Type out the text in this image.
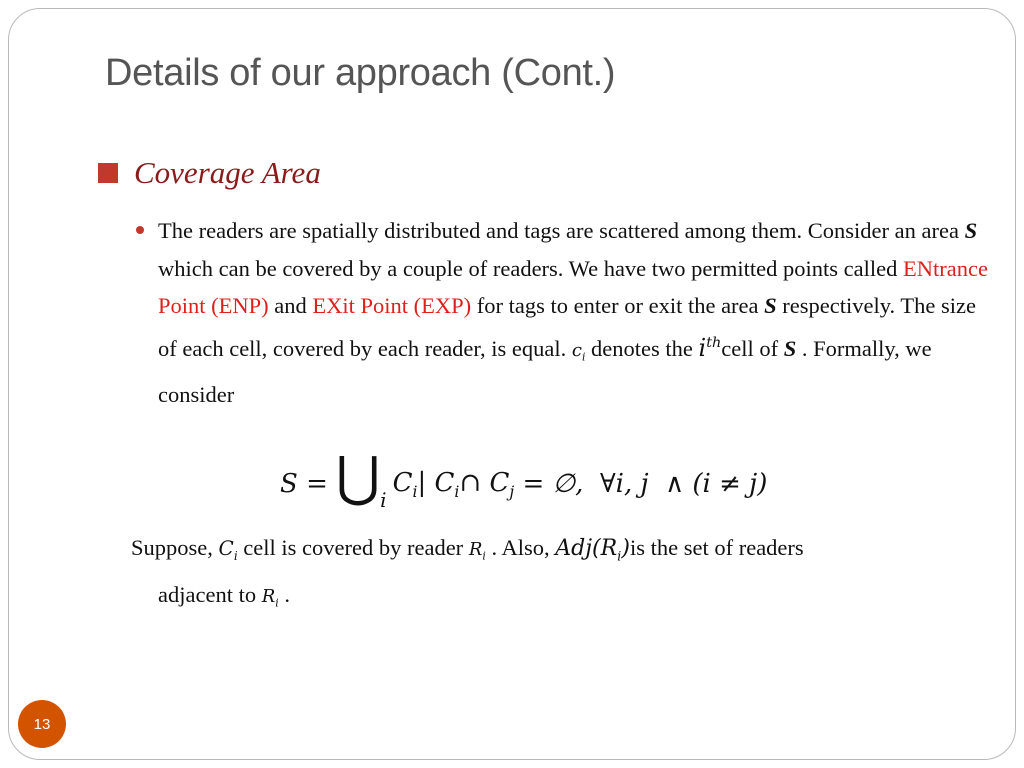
Details of our approach (Cont.)
Coverage Area
The readers are spatially distributed and tags are scattered among them. Consider an area S which can be covered by a couple of readers. We have two permitted points called ENtrance Point (ENP) and EXit Point (EXP) for tags to enter or exit the area S respectively. The size of each cell, covered by each reader, is equal. $c_i$ denotes the $i^{th}cell$ of S . Formally, we consider
$S = ⋃_i$
$C_i$ | $C_i$ ∩ $C_j$ = ∅,  ∀i, j  ∧ (i ≠ j)
Suppose, $C_i$ cell is covered by reader $R_i$ . Also, $Adj(R_i)is$ the set of readers
adjacent to $R_i$ .
13
